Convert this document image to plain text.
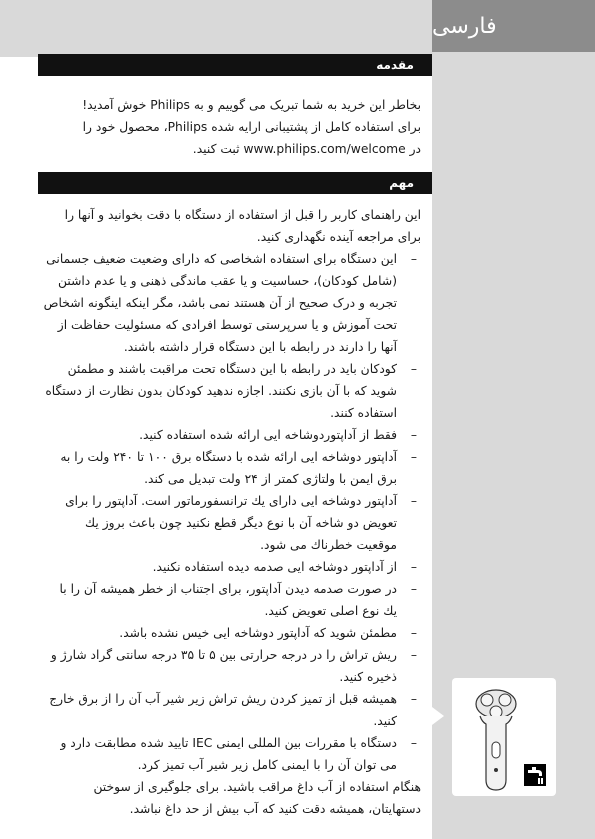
فارسی
مقدمه

بخاطر این خرید به شما تبریک می گوییم و به Philips خوش آمدید!

برای استفاده کامل از پشتیبانی ارایه شده Philips، محصول خود را

در www.philips.com/welcome ثبت کنید.

مهم

این راهنمای کاربر را قبل از استفاده از دستگاه با دقت بخوانید و آنها را برای مراجعه آینده نگهداری کنید.

– این دستگاه برای استفاده اشخاصی که دارای وضعیت ضعیف جسمانی (شامل کودکان)، حساسیت و یا عقب ماندگی ذهنی و یا عدم داشتن تجربه و درک صحیح از آن هستند نمی باشد، مگر اینکه اینگونه اشخاص تحت آموزش و یا سرپرستی توسط افرادی که مسئولیت حفاظت از آنها را دارند در رابطه با این دستگاه قرار داشته باشند.
– کودکان باید در رابطه با این دستگاه تحت مراقبت باشند و مطمئن شوید که با آن بازی نکنند. اجازه ندهید کودکان بدون نظارت از دستگاه استفاده کنند.
– فقط از آداپتوردوشاخه ایی ارائه شده استفاده کنید.
– آداپتور دوشاخه ایی ارائه شده با دستگاه برق ۱۰۰ تا ۲۴۰ ولت را به برق ایمن با ولتاژی کمتر از ۲۴ ولت تبدیل می کند.
– آداپتور دوشاخه ایی دارای یك ترانسفورماتور است. آداپتور را برای تعویض دو شاخه آن با نوع دیگر قطع نکنید چون باعث بروز یك موقعیت خطرناك می شود.
– از آداپتور دوشاخه ایی صدمه دیده استفاده نکنید.
– در صورت صدمه دیدن آداپتور، برای اجتناب از خطر همیشه آن را با یك نوع اصلی تعویض کنید.
– مطمئن شوید که آداپتور دوشاخه ایی خیس نشده باشد.
– ریش تراش را در درجه حرارتی بین ۵ تا ۳۵ درجه سانتی گراد شارژ و ذخیره کنید.
– همیشه قبل از تمیز کردن ریش تراش زیر شیر آب آن را از برق خارج کنید.
– دستگاه با مقررات بین المللی ایمنی IEC تایید شده مطابقت دارد و می توان آن را با ایمنی کامل زیر شیر آب تمیز کرد.

هنگام استفاده از آب داغ مراقب باشید. برای جلوگیری از سوختن دستهایتان، همیشه دقت کنید که آب بیش از حد داغ نباشد.
